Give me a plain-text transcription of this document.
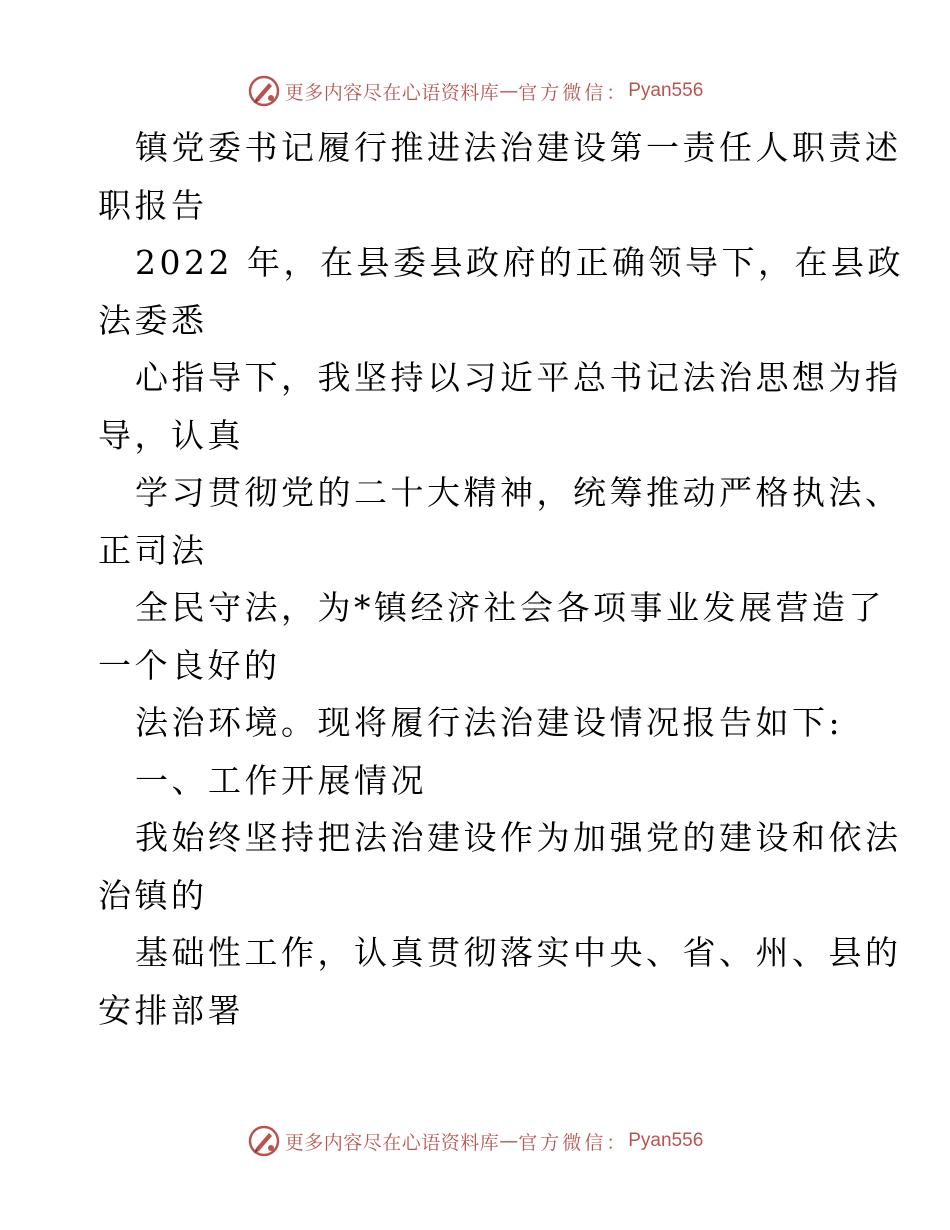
更多内容尽在心语资料库 — 官方微信： Pyan556
镇党委书记履行推进法治建设第一责任人职责述
职报告
2022 年，在县委县政府的正确领导下，在县政
法委悉
心指导下，我坚持以习近平总书记法治思想为指
导，认真
学习贯彻党的二十大精神，统筹推动严格执法、
正司法
全民守法，为*镇经济社会各项事业发展营造了
一个良好的
法治环境。现将履行法治建设情况报告如下:
一、工作开展情况
我始终坚持把法治建设作为加强党的建设和依法
治镇的
基础性工作，认真贯彻落实中央、省、州、县的
安排部署
更多内容尽在心语资料库 — 官方微信： Pyan556
